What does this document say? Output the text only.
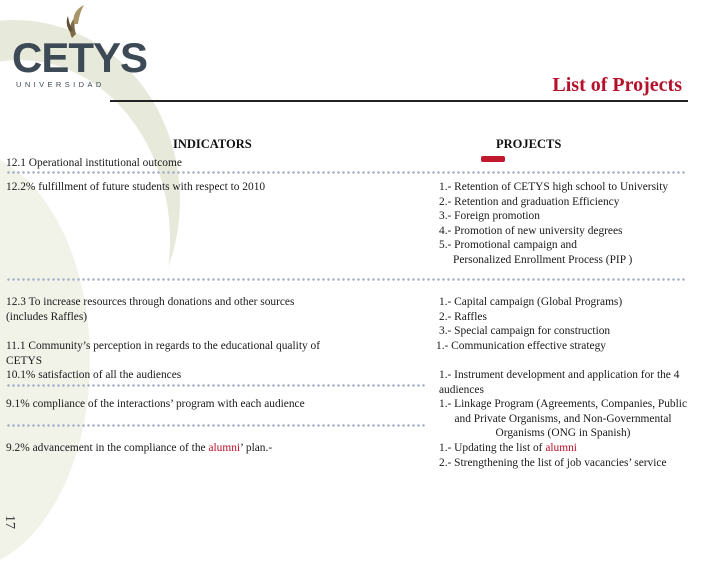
CETYS
UNIVERSIDAD	List of Projects
INDICATORS	PROJECTS
12.1 Operational institutional outcome
12.2% fulfillment of future students with respect to 2010	1.- Retention of CETYS high school to University
2.- Retention and graduation Efficiency
3.- Foreign promotion
4.- Promotion of new university degrees
5.- Promotional campaign and
Personalized Enrollment Process (PIP )
12.3 To increase resources through donations and other sources (includes Raffles)
1.- Capital campaign (Global Programs)
2.- Raffles
3.- Special campaign for construction
11.1 Community’s perception in regards to the educational quality of CETYS
1.- Communication effective strategy
10.1% satisfaction of all the audiences	1.- Instrument development and application for the 4 audiences
9.1% compliance of the interactions’ program with each audience	1.- Linkage Program (Agreements, Companies, Public and Private Organisms, and Non-Governmental Organisms (ONG in Spanish)
9.2% advancement in the compliance of the alumni’ plan.-	1.- Updating the list of alumni
2.- Strengthening the list of job vacancies’ service
17
